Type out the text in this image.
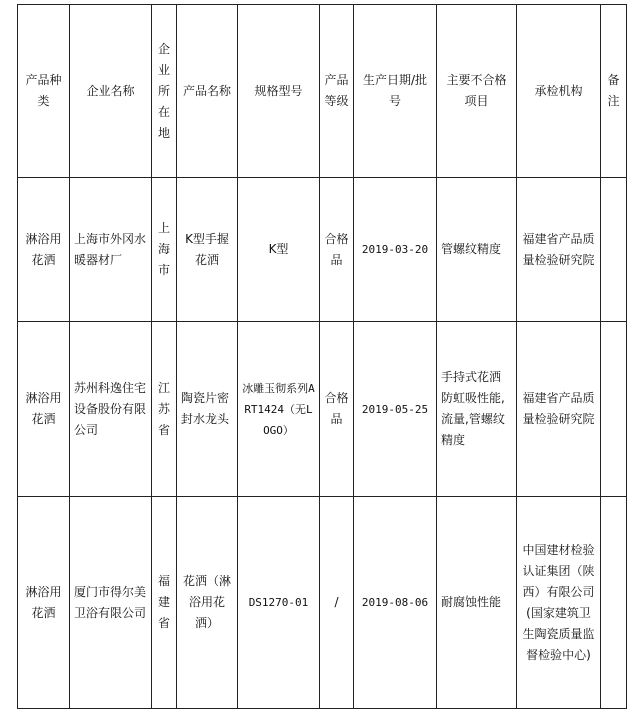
产品种类	企业名称	企业所在地	产品名称	规格型号	产品等级	生产日期/批号	主要不合格项目	承检机构	备注
淋浴用花洒	上海市外冈水暖器材厂	上海市	K型手握花洒	K型	合格品	2019-03-20	管螺纹精度	福建省产品质量检验研究院	
淋浴用花洒	苏州科逸住宅设备股份有限公司	江苏省	陶瓷片密封水龙头	冰雕玉彻系列ART1424（无LOGO）	合格品	2019-05-25	手持式花洒防虹吸性能,流量,管螺纹精度	福建省产品质量检验研究院	
淋浴用花洒	厦门市得尔美卫浴有限公司	福建省	花洒（淋浴用花洒）	DS1270-01	/	2019-08-06	耐腐蚀性能	中国建材检验认证集团（陕西）有限公司(国家建筑卫生陶瓷质量监督检验中心)	
